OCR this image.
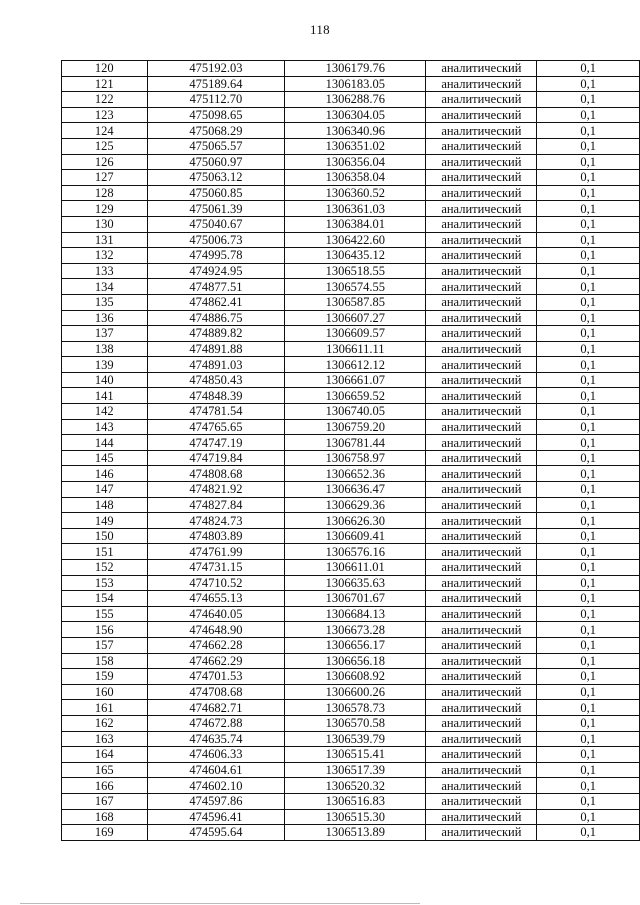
118
120	475192.03	1306179.76	аналитический	0,1
121	475189.64	1306183.05	аналитический	0,1
122	475112.70	1306288.76	аналитический	0,1
123	475098.65	1306304.05	аналитический	0,1
124	475068.29	1306340.96	аналитический	0,1
125	475065.57	1306351.02	аналитический	0,1
126	475060.97	1306356.04	аналитический	0,1
127	475063.12	1306358.04	аналитический	0,1
128	475060.85	1306360.52	аналитический	0,1
129	475061.39	1306361.03	аналитический	0,1
130	475040.67	1306384.01	аналитический	0,1
131	475006.73	1306422.60	аналитический	0,1
132	474995.78	1306435.12	аналитический	0,1
133	474924.95	1306518.55	аналитический	0,1
134	474877.51	1306574.55	аналитический	0,1
135	474862.41	1306587.85	аналитический	0,1
136	474886.75	1306607.27	аналитический	0,1
137	474889.82	1306609.57	аналитический	0,1
138	474891.88	1306611.11	аналитический	0,1
139	474891.03	1306612.12	аналитический	0,1
140	474850.43	1306661.07	аналитический	0,1
141	474848.39	1306659.52	аналитический	0,1
142	474781.54	1306740.05	аналитический	0,1
143	474765.65	1306759.20	аналитический	0,1
144	474747.19	1306781.44	аналитический	0,1
145	474719.84	1306758.97	аналитический	0,1
146	474808.68	1306652.36	аналитический	0,1
147	474821.92	1306636.47	аналитический	0,1
148	474827.84	1306629.36	аналитический	0,1
149	474824.73	1306626.30	аналитический	0,1
150	474803.89	1306609.41	аналитический	0,1
151	474761.99	1306576.16	аналитический	0,1
152	474731.15	1306611.01	аналитический	0,1
153	474710.52	1306635.63	аналитический	0,1
154	474655.13	1306701.67	аналитический	0,1
155	474640.05	1306684.13	аналитический	0,1
156	474648.90	1306673.28	аналитический	0,1
157	474662.28	1306656.17	аналитический	0,1
158	474662.29	1306656.18	аналитический	0,1
159	474701.53	1306608.92	аналитический	0,1
160	474708.68	1306600.26	аналитический	0,1
161	474682.71	1306578.73	аналитический	0,1
162	474672.88	1306570.58	аналитический	0,1
163	474635.74	1306539.79	аналитический	0,1
164	474606.33	1306515.41	аналитический	0,1
165	474604.61	1306517.39	аналитический	0,1
166	474602.10	1306520.32	аналитический	0,1
167	474597.86	1306516.83	аналитический	0,1
168	474596.41	1306515.30	аналитический	0,1
169	474595.64	1306513.89	аналитический	0,1
